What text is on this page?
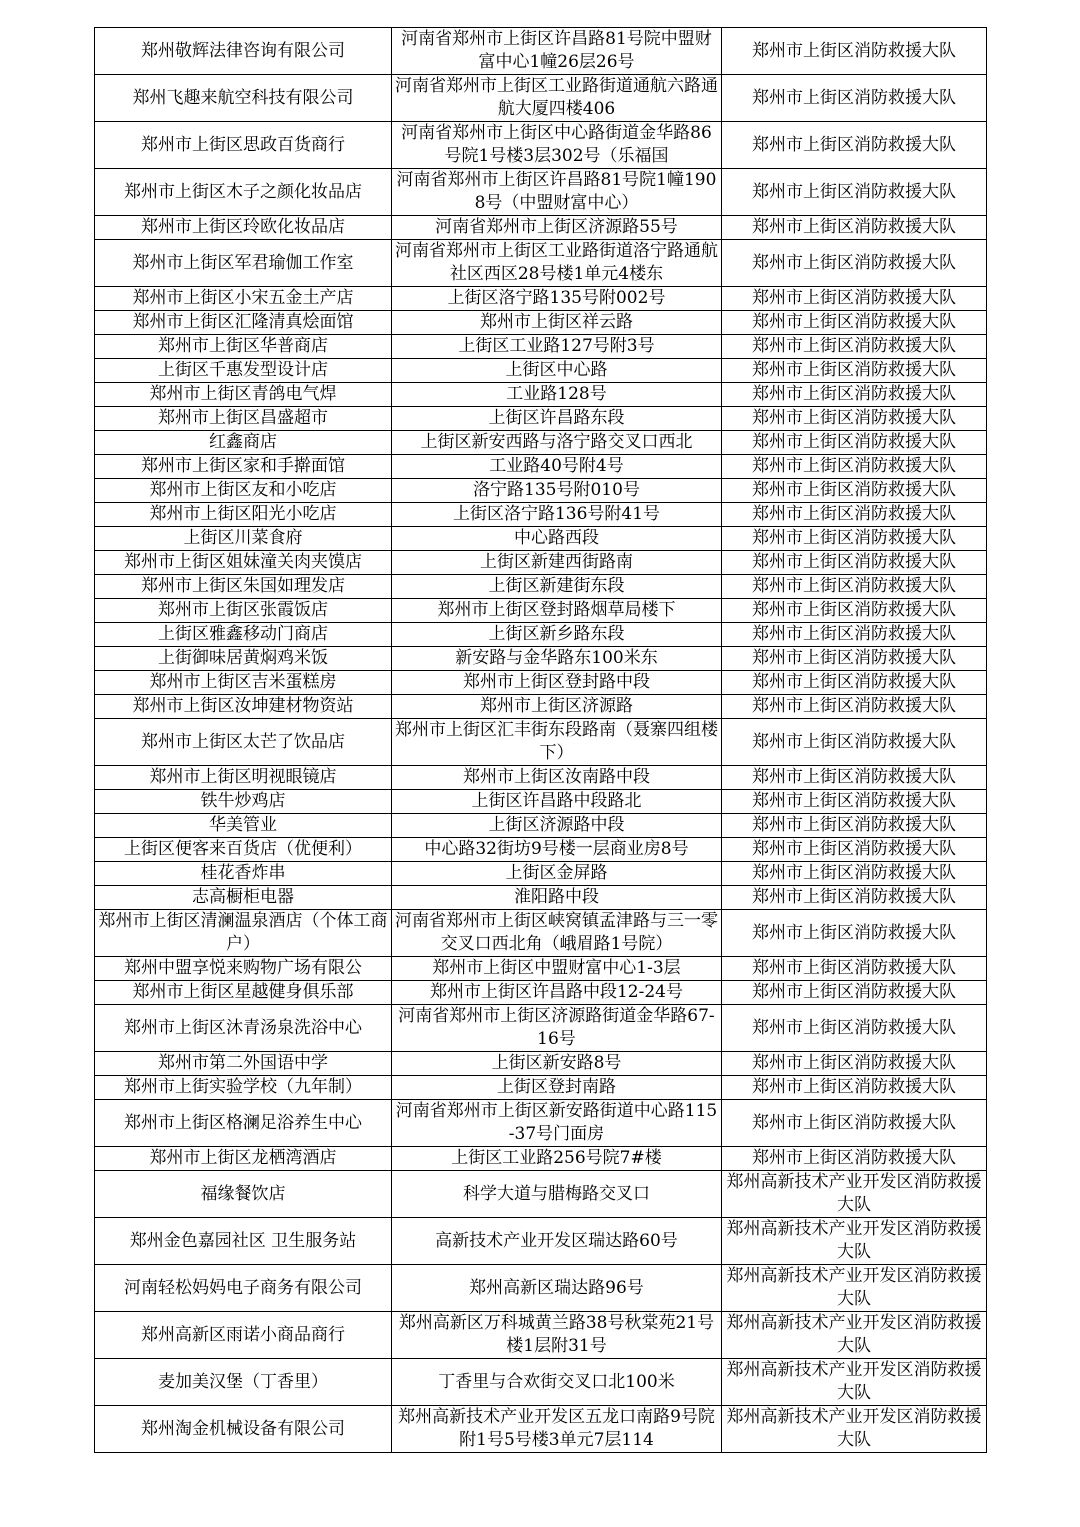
郑州敬辉法律咨询有限公司	河南省郑州市上街区许昌路81号院中盟财富中心1幢26层26号	郑州市上街区消防救援大队

郑州飞趣来航空科技有限公司	河南省郑州市上街区工业路街道通航六路通航大厦四楼406	郑州市上街区消防救援大队

郑州市上街区思政百货商行	河南省郑州市上街区中心路街道金华路86号院1号楼3层302号（乐福国	郑州市上街区消防救援大队

郑州市上街区木子之颜化妆品店	河南省郑州市上街区许昌路81号院1幢1908号（中盟财富中心）	郑州市上街区消防救援大队

郑州市上街区玲欧化妆品店	河南省郑州市上街区济源路55号	郑州市上街区消防救援大队

郑州市上街区军君瑜伽工作室	河南省郑州市上街区工业路街道洛宁路通航社区西区28号楼1单元4楼东	郑州市上街区消防救援大队

郑州市上街区小宋五金土产店	上街区洛宁路135号附002号	郑州市上街区消防救援大队

郑州市上街区汇隆清真烩面馆	郑州市上街区祥云路	郑州市上街区消防救援大队

郑州市上街区华普商店	上街区工业路127号附3号	郑州市上街区消防救援大队

上街区千惠发型设计店	上街区中心路	郑州市上街区消防救援大队

郑州市上街区青鸽电气焊	工业路128号	郑州市上街区消防救援大队

郑州市上街区昌盛超市	上街区许昌路东段	郑州市上街区消防救援大队

红鑫商店	上街区新安西路与洛宁路交叉口西北	郑州市上街区消防救援大队

郑州市上街区家和手擀面馆	工业路40号附4号	郑州市上街区消防救援大队

郑州市上街区友和小吃店	洛宁路135号附010号	郑州市上街区消防救援大队

郑州市上街区阳光小吃店	上街区洛宁路136号附41号	郑州市上街区消防救援大队

上街区川菜食府	中心路西段	郑州市上街区消防救援大队

郑州市上街区姐妹潼关肉夹馍店	上街区新建西街路南	郑州市上街区消防救援大队

郑州市上街区朱国如理发店	上街区新建街东段	郑州市上街区消防救援大队

郑州市上街区张霞饭店	郑州市上街区登封路烟草局楼下	郑州市上街区消防救援大队

上街区雅鑫移动门商店	上街区新乡路东段	郑州市上街区消防救援大队

上街御味居黄焖鸡米饭	新安路与金华路东100米东	郑州市上街区消防救援大队

郑州市上街区吉米蛋糕房	郑州市上街区登封路中段	郑州市上街区消防救援大队

郑州市上街区汝坤建材物资站	郑州市上街区济源路	郑州市上街区消防救援大队

郑州市上街区太芒了饮品店	郑州市上街区汇丰街东段路南（聂寨四组楼下）	郑州市上街区消防救援大队

郑州市上街区明视眼镜店	郑州市上街区汝南路中段	郑州市上街区消防救援大队

铁牛炒鸡店	上街区许昌路中段路北	郑州市上街区消防救援大队

华美管业	上街区济源路中段	郑州市上街区消防救援大队

上街区便客来百货店（优便利）	中心路32街坊9号楼一层商业房8号	郑州市上街区消防救援大队

桂花香炸串	上街区金屏路	郑州市上街区消防救援大队

志高橱柜电器	淮阳路中段	郑州市上街区消防救援大队

郑州市上街区清澜温泉酒店（个体工商户）	河南省郑州市上街区峡窝镇孟津路与三一零交叉口西北角（峨眉路1号院）	郑州市上街区消防救援大队

郑州中盟享悦来购物广场有限公	郑州市上街区中盟财富中心1-3层	郑州市上街区消防救援大队

郑州市上街区星越健身俱乐部	郑州市上街区许昌路中段12-24号	郑州市上街区消防救援大队

郑州市上街区沐青汤泉洗浴中心	河南省郑州市上街区济源路街道金华路67-16号	郑州市上街区消防救援大队

郑州市第二外国语中学	上街区新安路8号	郑州市上街区消防救援大队

郑州市上街实验学校（九年制）	上街区登封南路	郑州市上街区消防救援大队

郑州市上街区格澜足浴养生中心	河南省郑州市上街区新安路街道中心路115-37号门面房	郑州市上街区消防救援大队

郑州市上街区龙栖湾酒店	上街区工业路256号院7#楼	郑州市上街区消防救援大队

福缘餐饮店	科学大道与腊梅路交叉口	郑州高新技术产业开发区消防救援大队

郑州金色嘉园社区 卫生服务站	高新技术产业开发区瑞达路60号	郑州高新技术产业开发区消防救援大队

河南轻松妈妈电子商务有限公司	郑州高新区瑞达路96号	郑州高新技术产业开发区消防救援大队

郑州高新区雨诺小商品商行	郑州高新区万科城黄兰路38号秋棠苑21号楼1层附31号	郑州高新技术产业开发区消防救援大队

麦加美汉堡（丁香里）	丁香里与合欢街交叉口北100米	郑州高新技术产业开发区消防救援大队

郑州淘金机械设备有限公司	郑州高新技术产业开发区五龙口南路9号院附1号5号楼3单元7层114	郑州高新技术产业开发区消防救援大队
